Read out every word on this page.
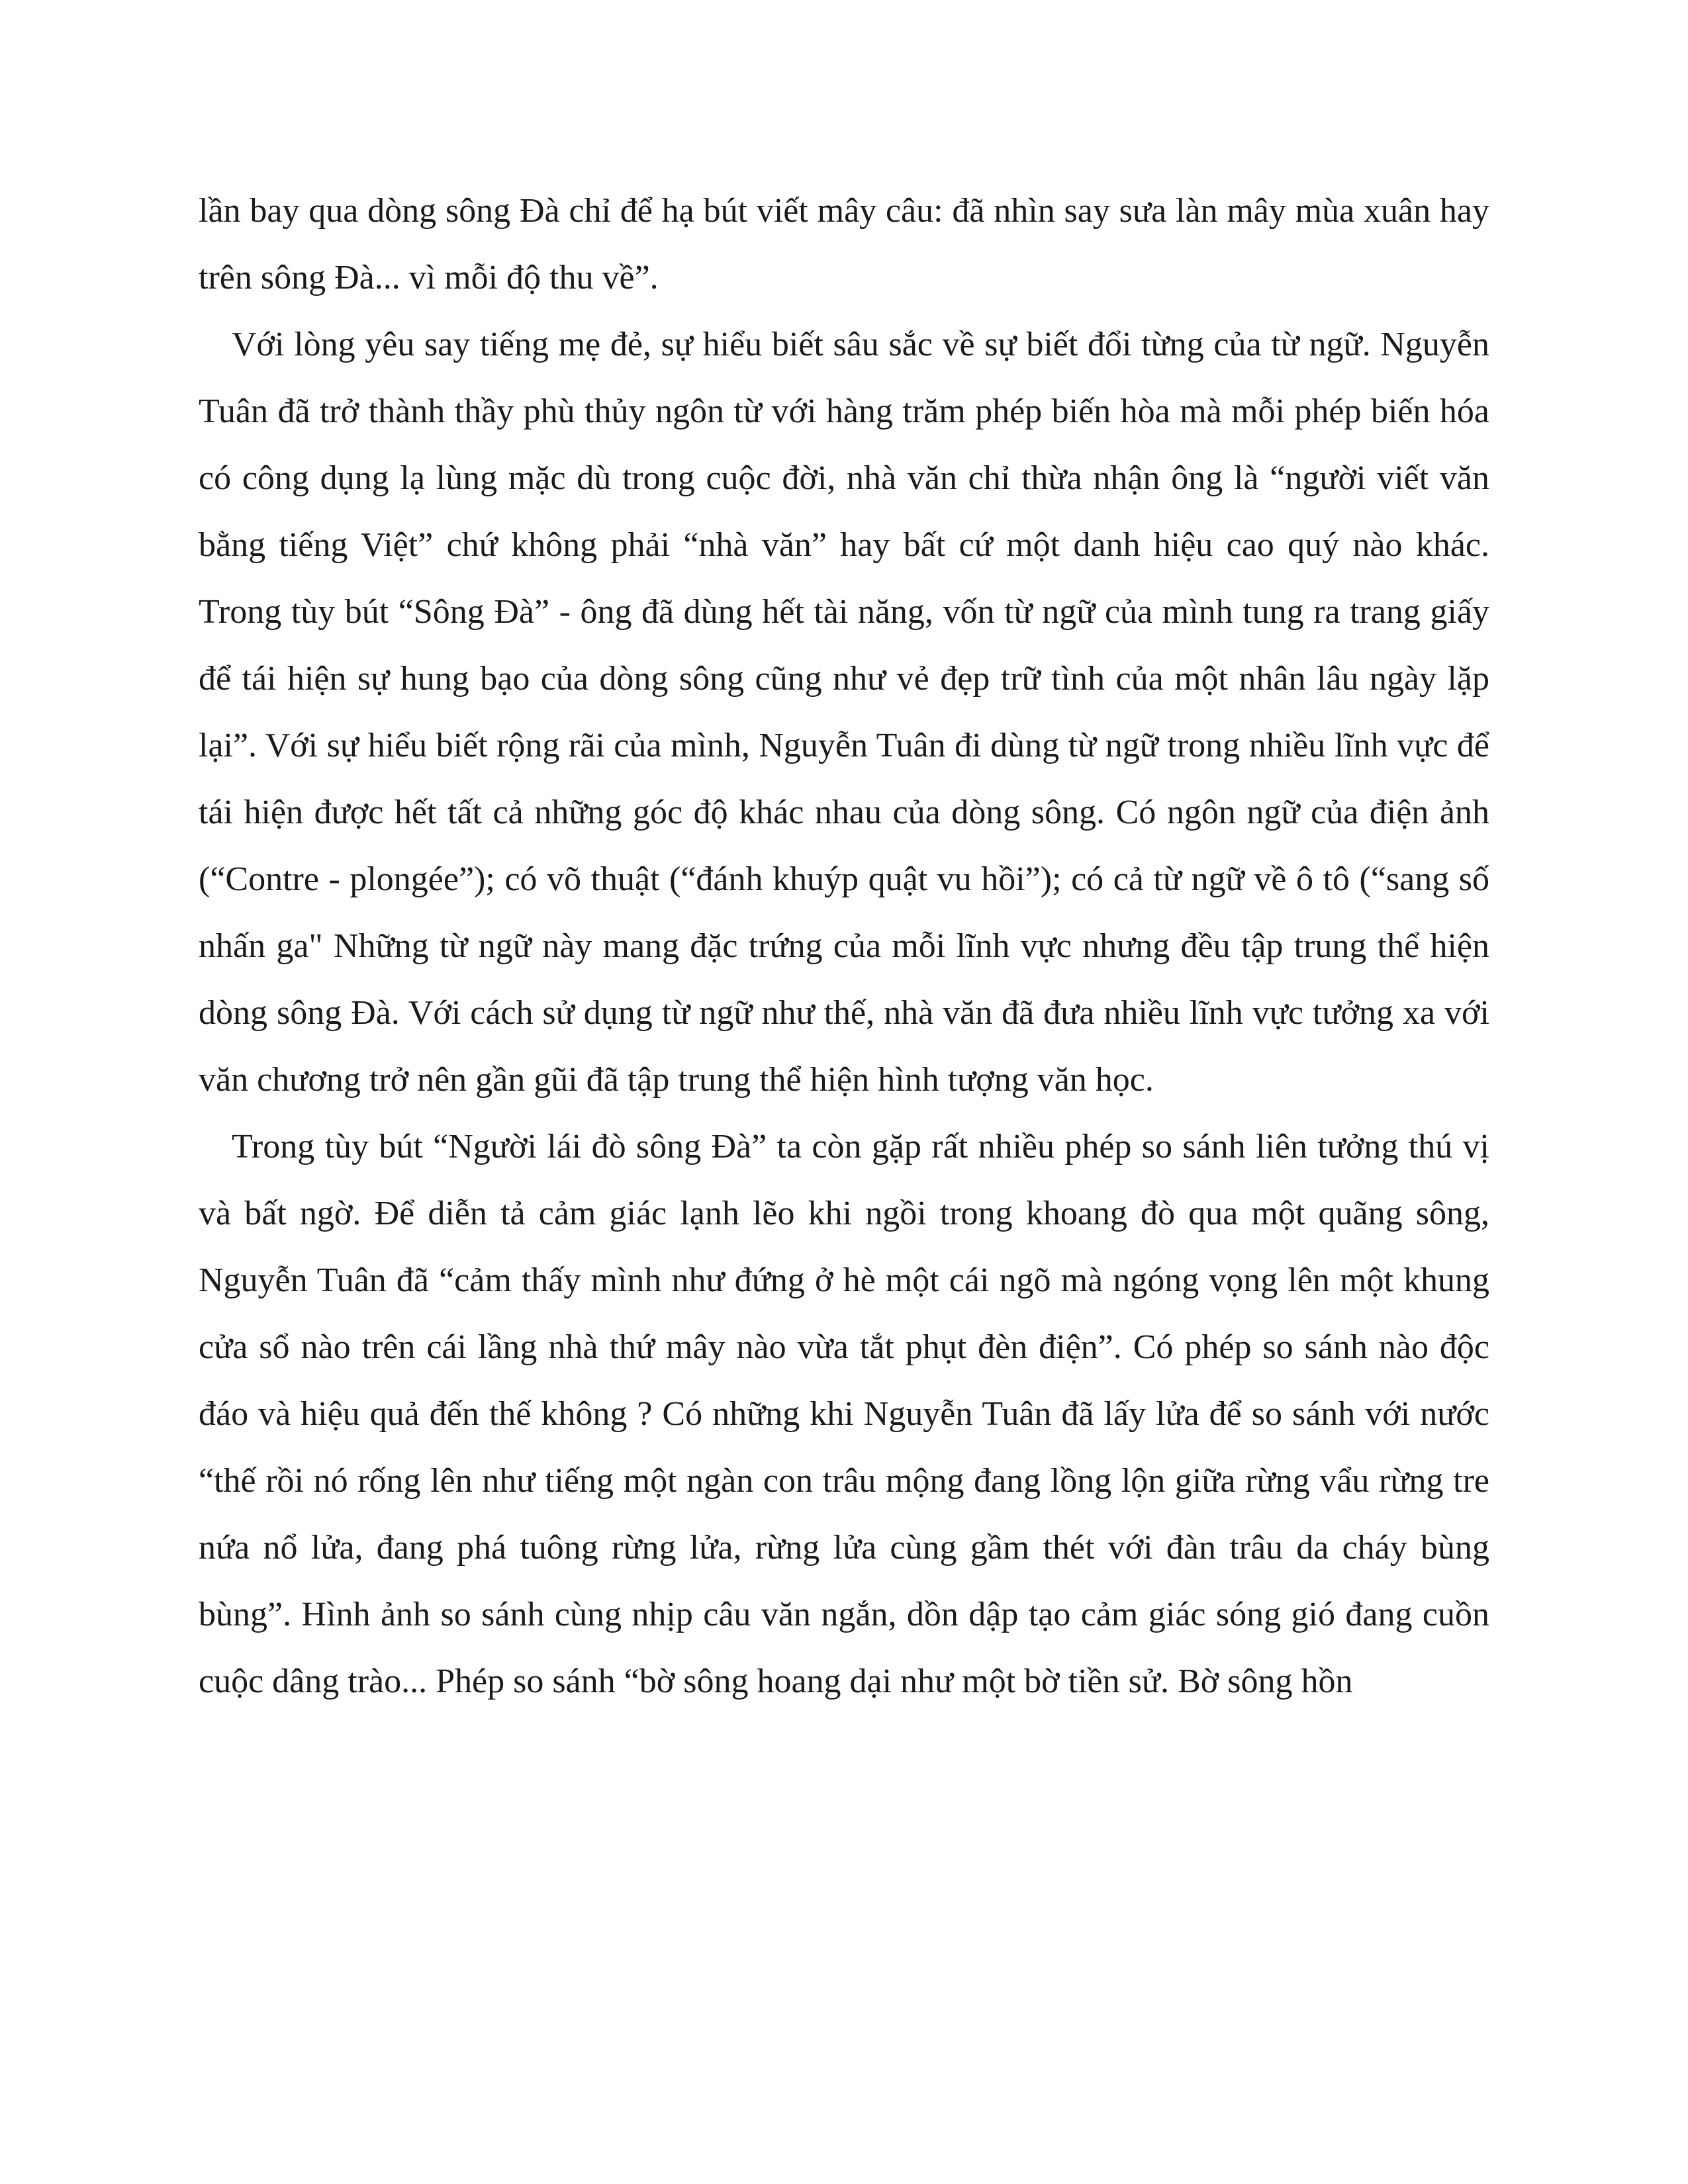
lần bay qua dòng sông Đà chỉ để hạ bút viết mây câu: đã nhìn say sưa làn mây mùa xuân hay trên sông Đà... vì mỗi độ thu về”.

Với lòng yêu say tiếng mẹ đẻ, sự hiểu biết sâu sắc về sự biết đổi từng của từ ngữ. Nguyễn Tuân đã trở thành thầy phù thủy ngôn từ với hàng trăm phép biến hòa mà mỗi phép biến hóa có công dụng lạ lùng mặc dù trong cuộc đời, nhà văn chỉ thừa nhận ông là “người viết văn bằng tiếng Việt” chứ không phải “nhà văn” hay bất cứ một danh hiệu cao quý nào khác. Trong tùy bút “Sông Đà” - ông đã dùng hết tài năng, vốn từ ngữ của mình tung ra trang giấy để tái hiện sự hung bạo của dòng sông cũng như vẻ đẹp trữ tình của một nhân lâu ngày lặp lại”. Với sự hiểu biết rộng rãi của mình, Nguyễn Tuân đi dùng từ ngữ trong nhiều lĩnh vực để tái hiện được hết tất cả những góc độ khác nhau của dòng sông. Có ngôn ngữ của điện ảnh (“Contre - plongée”); có võ thuật (“đánh khuýp quật vu hồi”); có cả từ ngữ về ô tô (“sang số nhấn ga" Những từ ngữ này mang đặc trứng của mỗi lĩnh vực nhưng đều tập trung thể hiện dòng sông Đà. Với cách sử dụng từ ngữ như thế, nhà văn đã đưa nhiều lĩnh vực tưởng xa với văn chương trở nên gần gũi đã tập trung thể hiện hình tượng văn học.

Trong tùy bút “Người lái đò sông Đà” ta còn gặp rất nhiều phép so sánh liên tưởng thú vị và bất ngờ. Để diễn tả cảm giác lạnh lẽo khi ngồi trong khoang đò qua một quãng sông, Nguyễn Tuân đã “cảm thấy mình như đứng ở hè một cái ngõ mà ngóng vọng lên một khung cửa sổ nào trên cái lầng nhà thứ mây nào vừa tắt phụt đèn điện”. Có phép so sánh nào độc đáo và hiệu quả đến thế không ? Có những khi Nguyễn Tuân đã lấy lửa để so sánh với nước “thế rồi nó rống lên như tiếng một ngàn con trâu mộng đang lồng lộn giữa rừng vẩu rừng tre nứa nổ lửa, đang phá tuông rừng lửa, rừng lửa cùng gầm thét với đàn trâu da cháy bùng bùng”. Hình ảnh so sánh cùng nhịp câu văn ngắn, dồn dập tạo cảm giác sóng gió đang cuồn cuộc dâng trào... Phép so sánh “bờ sông hoang dại như một bờ tiền sử. Bờ sông hồn
